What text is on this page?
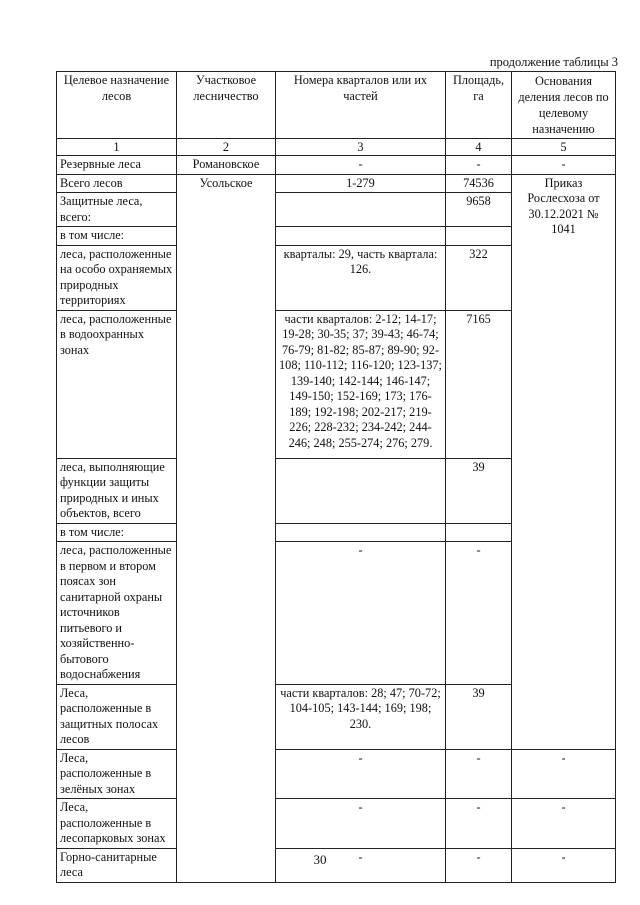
продолжение таблицы 3
Целевое назначение лесов	Участковое лесничество	Номера кварталов или их частей	Площадь, га	Основания деления лесов по целевому назначению
1	2	3	4	5
Резервные леса	Романовское	-	-	-
Всего лесов	Усольское	1-279	74536	Приказ Рослесхоза от 30.12.2021 № 1041
Защитные леса, всего:			9658	
в том числе:				
леса, расположенные на особо охраняемых природных территориях		кварталы: 29, часть квартала: 126.	322	
леса, расположенные в водоохранных зонах		части кварталов: 2-12; 14-17; 19-28; 30-35; 37; 39-43; 46-74; 76-79; 81-82; 85-87; 89-90; 92-108; 110-112; 116-120; 123-137; 139-140; 142-144; 146-147; 149-150; 152-169; 173; 176-189; 192-198; 202-217; 219-226; 228-232; 234-242; 244-246; 248; 255-274; 276; 279.	7165	
леса, выполняющие функции защиты природных и иных объектов, всего			39	
в том числе:				
леса, расположенные в первом и втором поясах зон санитарной охраны источников питьевого и хозяйственно-бытового водоснабжения		-	-	
Леса, расположенные в защитных полосах лесов		части кварталов: 28; 47; 70-72; 104-105; 143-144; 169; 198; 230.	39	
Леса, расположенные в зелёных зонах		-	-	-
Леса, расположенные в лесопарковых зонах		-	-	-
Горно-санитарные леса		-	-	-
30
